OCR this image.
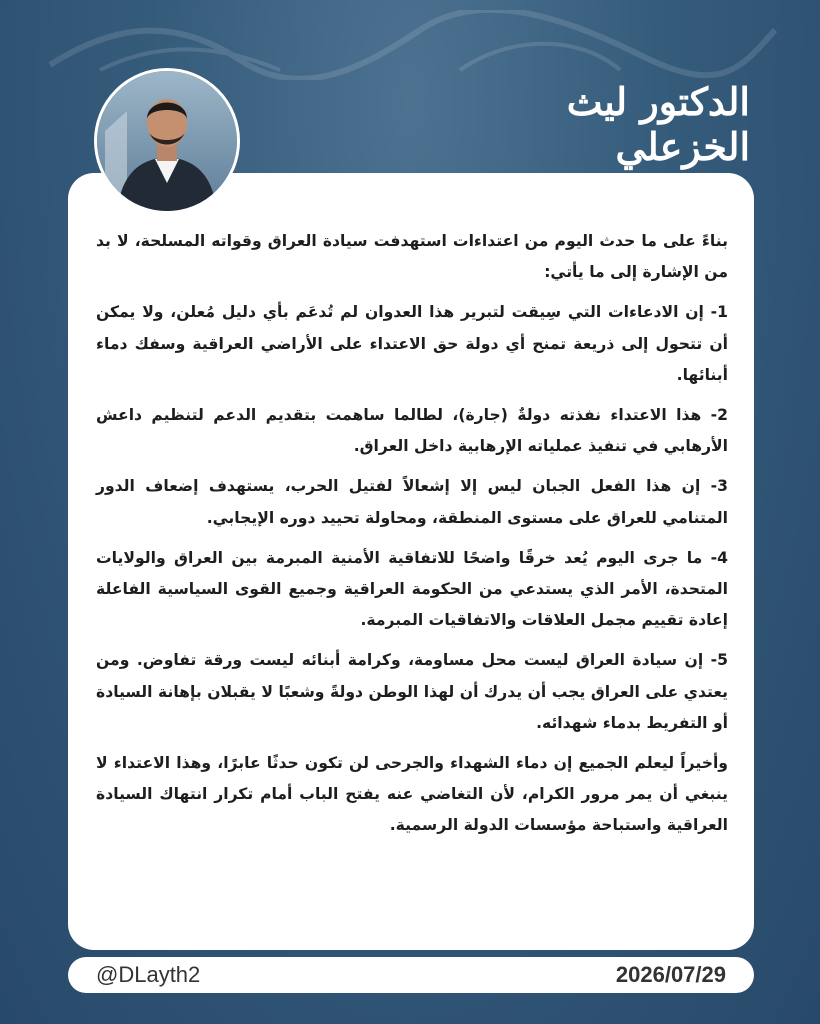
الدكتور ليث الخزعلي

بناءً على ما حدث اليوم من اعتداءات استهدفت سيادة العراق وقواته المسلحة، لا بد من الإشارة إلى ما يأتي:

1- إن الادعاءات التي سِيقت لتبرير هذا العدوان لم تُدعَم بأي دليل مُعلن، ولا يمكن أن تتحول إلى ذريعة تمنح أي دولة حق الاعتداء على الأراضي العراقية وسفك دماء أبنائها.

2- هذا الاعتداء نفذته دولةٌ (جارة)، لطالما ساهمت بتقديم الدعم لتنظيم داعش الأرهابي في تنفيذ عملياته الإرهابية داخل العراق.

3- إن هذا الفعل الجبان ليس إلا إشعالاً لفتيل الحرب، يستهدف إضعاف الدور المتنامي للعراق على مستوى المنطقة، ومحاولة تحييد دوره الإيجابي.

4- ما جرى اليوم يُعد خرقًا واضحًا للاتفاقية الأمنية المبرمة بين العراق والولايات المتحدة، الأمر الذي يستدعي من الحكومة العراقية وجميع القوى السياسية الفاعلة إعادة تقييم مجمل العلاقات والاتفاقيات المبرمة.

5- إن سيادة العراق ليست محل مساومة، وكرامة أبنائه ليست ورقة تفاوض. ومن يعتدي على العراق يجب أن يدرك أن لهذا الوطن دولةً وشعبًا لا يقبلان بإهانة السيادة أو التفريط بدماء شهدائه.

وأخيراً ليعلم الجميع إن دماء الشهداء والجرحى لن تكون حدثًا عابرًا، وهذا الاعتداء لا ينبغي أن يمر مرور الكرام، لأن التغاضي عنه يفتح الباب أمام تكرار انتهاك السيادة العراقية واستباحة مؤسسات الدولة الرسمية.

@DLayth2	2026/07/29
